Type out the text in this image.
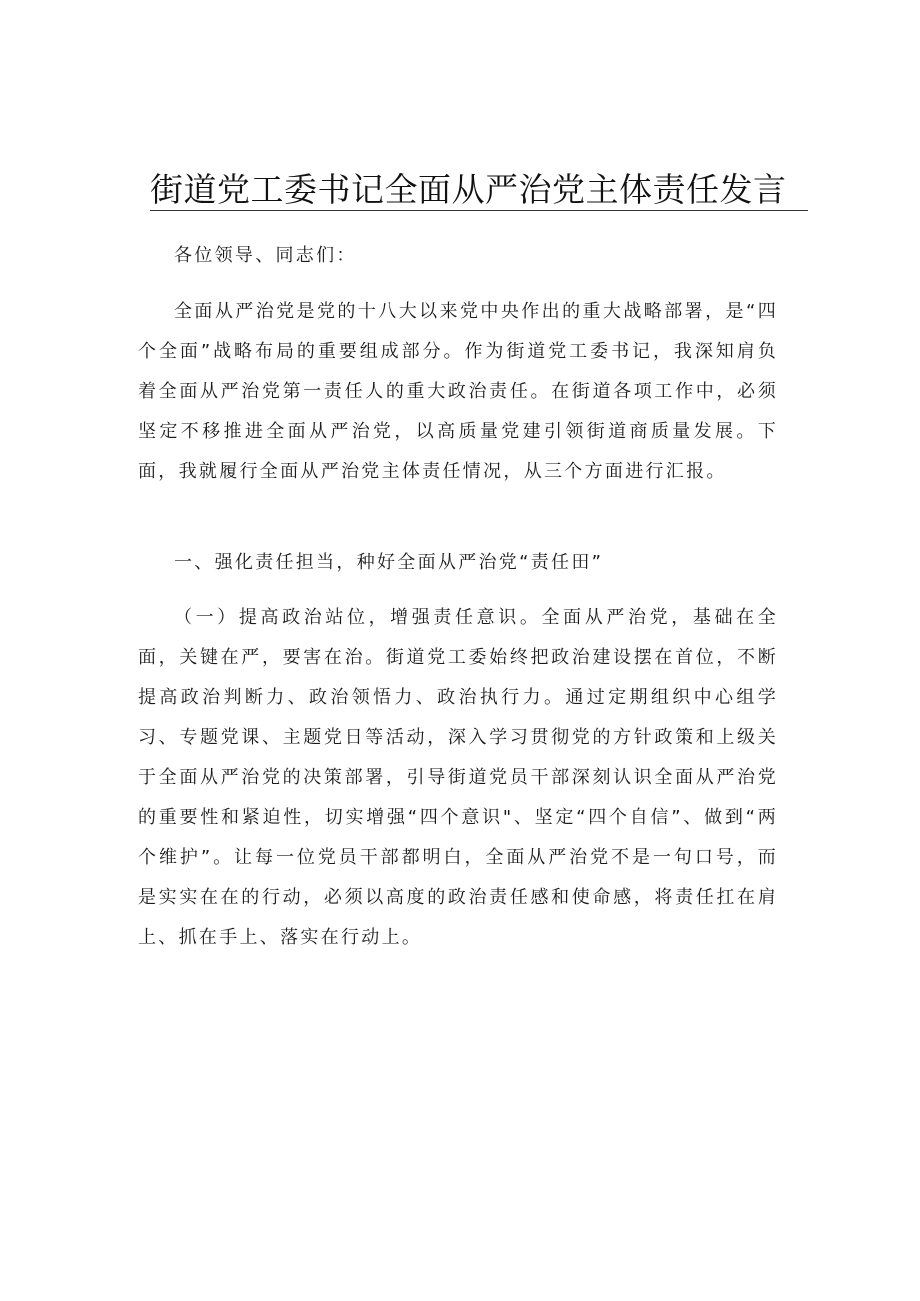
街道党工委书记全面从严治党主体责任发言

各位领导、同志们：

全面从严治党是党的十八大以来党中央作出的重大战略部署，是“四个全面”战略布局的重要组成部分。作为街道党工委书记，我深知肩负着全面从严治党第一责任人的重大政治责任。在街道各项工作中，必须坚定不移推进全面从严治党，以高质量党建引领街道商质量发展。下面，我就履行全面从严治党主体责任情况，从三个方面进行汇报。

一、强化责任担当，种好全面从严治党“责任田”

（一）提高政治站位，增强责任意识。全面从严治党，基础在全面，关键在严，要害在治。街道党工委始终把政治建设摆在首位，不断提高政治判断力、政治领悟力、政治执行力。通过定期组织中心组学习、专题党课、主题党日等活动，深入学习贯彻党的方针政策和上级关于全面从严治党的决策部署，引导街道党员干部深刻认识全面从严治党的重要性和紧迫性，切实增强“四个意识"、坚定“四个自信”、做到“两个维护”。让每一位党员干部都明白，全面从严治党不是一句口号，而是实实在在的行动，必须以高度的政治责任感和使命感，将责任扛在肩上、抓在手上、落实在行动上。
